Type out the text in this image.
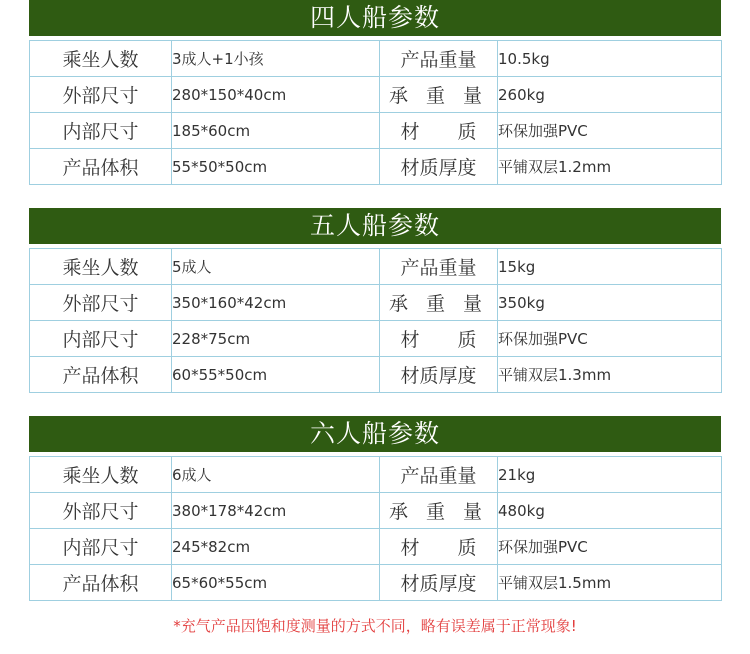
四人船参数
乘坐人数	3成人+1小孩	产品重量	10.5kg
外部尺寸	280*150*40cm	承 重 量	260kg
内部尺寸	185*60cm	材　　质	环保加强PVC
产品体积	55*50*50cm	材质厚度	平铺双层1.2mm
五人船参数
乘坐人数	5成人	产品重量	15kg
外部尺寸	350*160*42cm	承 重 量	350kg
内部尺寸	228*75cm	材　　质	环保加强PVC
产品体积	60*55*50cm	材质厚度	平铺双层1.3mm
六人船参数
乘坐人数	6成人	产品重量	21kg
外部尺寸	380*178*42cm	承 重 量	480kg
内部尺寸	245*82cm	材　　质	环保加强PVC
产品体积	65*60*55cm	材质厚度	平铺双层1.5mm
*充气产品因饱和度测量的方式不同，略有误差属于正常现象!
